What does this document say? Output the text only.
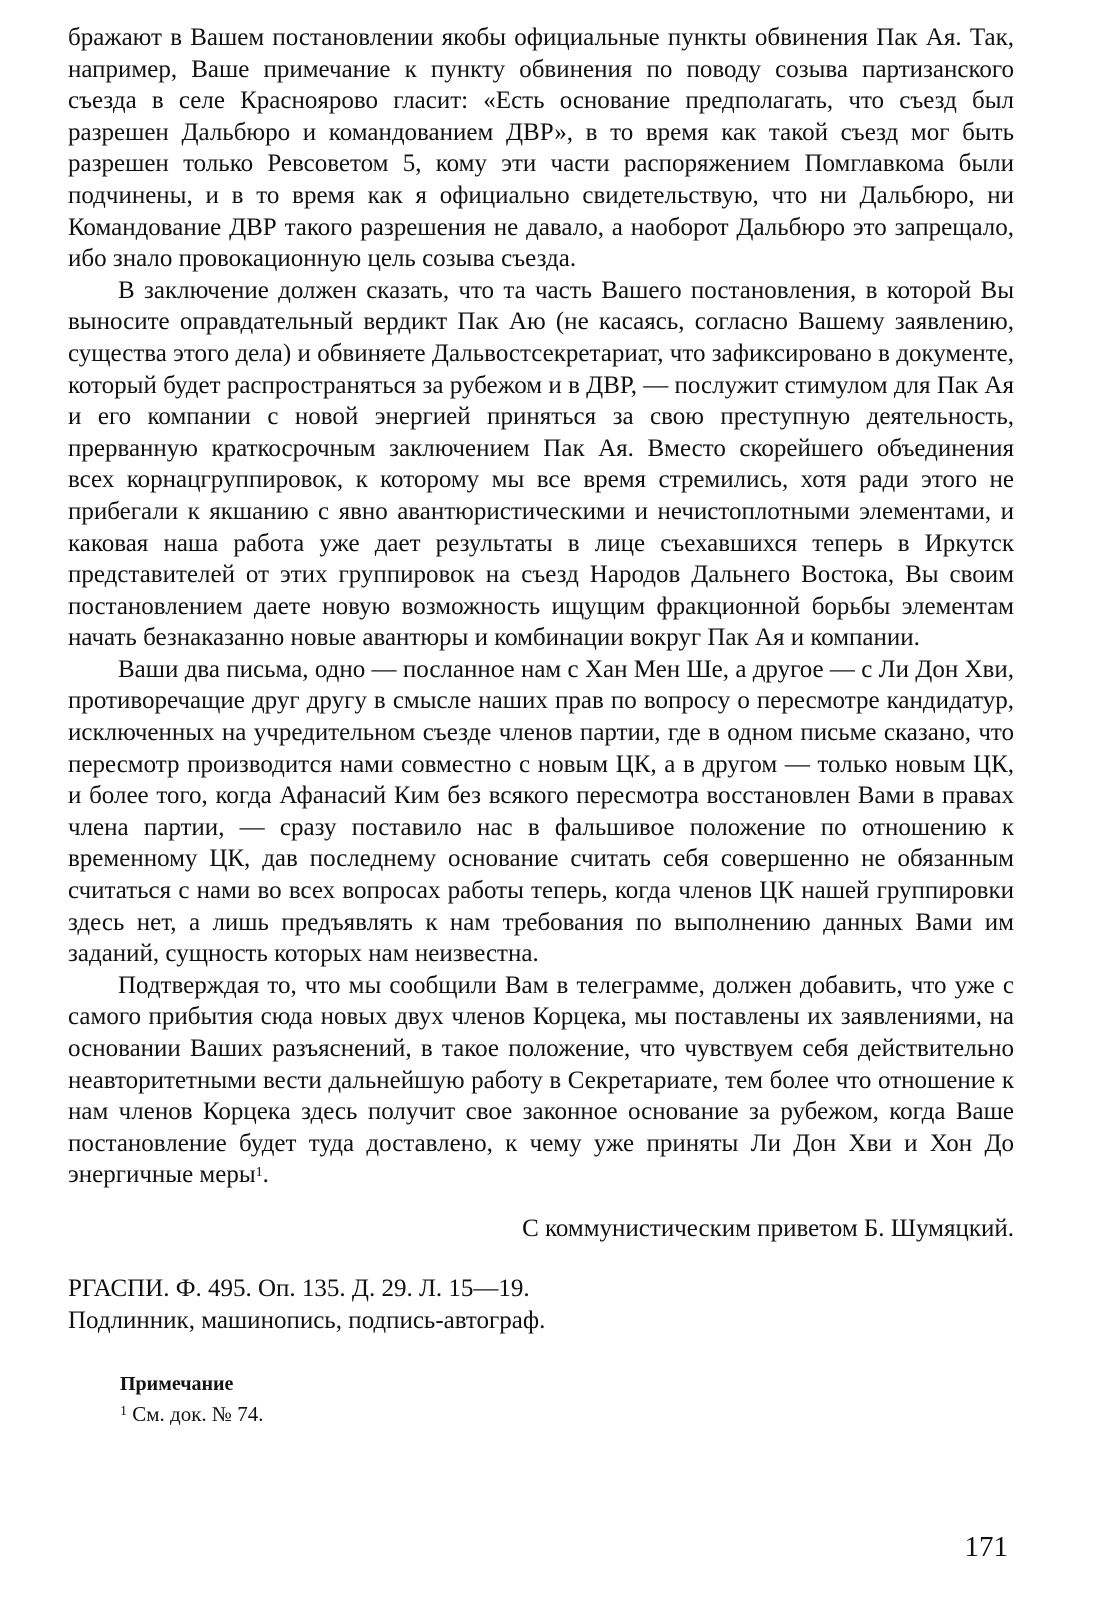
бражают в Вашем постановлении якобы официальные пункты обвинения Пак Ая. Так, например, Ваше примечание к пункту обвинения по поводу созыва партизанского съезда в селе Краснoярово гласит: «Есть основание предполагать, что съезд был разрешен Дальбюро и командованием ДВР», в то время как такой съезд мог быть разрешен только Ревсоветом 5, кому эти части распоряжением Помглавкома были подчинены, и в то время как я официально свидетельствую, что ни Дальбюро, ни Командование ДВР такого разрешения не давало, а наоборот Дальбюро это запрещало, ибо знало провокационную цель созыва съезда.

В заключение должен сказать, что та часть Вашего постановления, в которой Вы выносите оправдательный вердикт Пак Аю (не касаясь, согласно Вашему заявлению, существа этого дела) и обвиняете Дальвостсекретариат, что зафиксировано в документе, который будет распространяться за рубежом и в ДВР, — послужит стимулом для Пак Ая и его компании с новой энергией приняться за свою преступную деятельность, прерванную краткосрочным заключением Пак Ая. Вместо скорейшего объединения всех корнацгруппировок, к которому мы все время стремились, хотя ради этого не прибегали к якшанию с явно авантюристическими и нечистоплотными элементами, и каковая наша работа уже дает результаты в лице съехавшихся теперь в Иркутск представителей от этих группировок на съезд Народов Дальнего Востока, Вы своим постановлением даете новую возможность ищущим фракционной борьбы элементам начать безнаказанно новые авантюры и комбинации вокруг Пак Ая и компании.

Ваши два письма, одно — посланное нам с Хан Мен Ше, а другое — с Ли Дон Хви, противоречащие друг другу в смысле наших прав по вопросу о пересмотре кандидатур, исключенных на учредительном съезде членов партии, где в одном письме сказано, что пересмотр производится нами совместно с новым ЦК, а в другом — только новым ЦК, и более того, когда Афанасий Ким без всякого пересмотра восстановлен Вами в правах члена партии, — сразу поставило нас в фальшивое положение по отношению к временному ЦК, дав последнему основание считать себя совершенно не обязанным считаться с нами во всех вопросах работы теперь, когда членов ЦК нашей группировки здесь нет, а лишь предъявлять к нам требования по выполнению данных Вами им заданий, сущность которых нам неизвестна.

Подтверждая то, что мы сообщили Вам в телеграмме, должен добавить, что уже с самого прибытия сюда новых двух членов Корцека, мы поставлены их заявлениями, на основании Ваших разъяснений, в такое положение, что чувствуем себя действительно неавторитетными вести дальнейшую работу в Секретариате, тем более что отношение к нам членов Корцека здесь получит свое законное основание за рубежом, когда Ваше постановление будет туда доставлено, к чему уже приняты Ли Дон Хви и Хон До энергичные меры$^1$.

С коммунистическим приветом Б. Шумяцкий.
РГАСПИ. Ф. 495. Оп. 135. Д. 29. Л. 15—19.
Подлинник, машинопись, подпись-автограф.
Примечание
$^1$ См. док. № 74.
171
